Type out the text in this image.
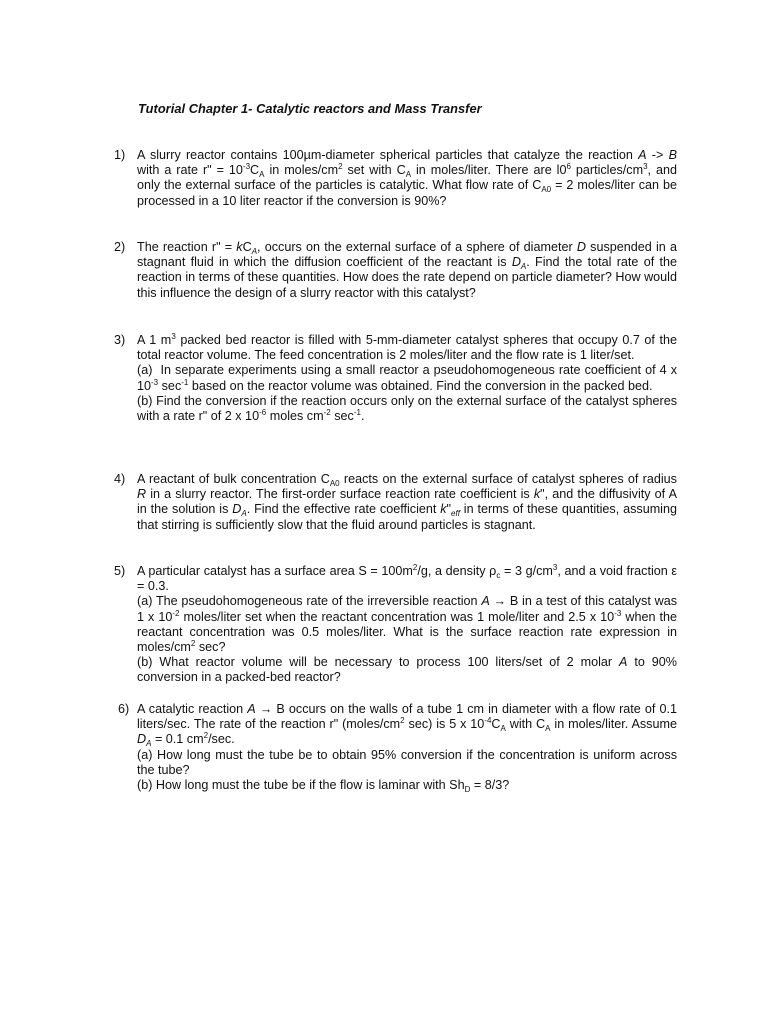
Tutorial Chapter 1- Catalytic reactors and Mass Transfer
1) A slurry reactor contains 100µm-diameter spherical particles that catalyze the reaction A -> B with a rate r" = $10^{-3}C_A$ in moles/$cm^2$ set with $C_A$ in moles/liter. There are $l0^6$ particles/$cm^3$, and only the external surface of the particles is catalytic. What flow rate of $C_{A0} = 2$ moles/liter can be processed in a 10 liter reactor if the conversion is 90%?

2) The reaction r" = $kC_A$, occurs on the external surface of a sphere of diameter D suspended in a stagnant fluid in which the diffusion coefficient of the reactant is $D_A$. Find the total rate of the reaction in terms of these quantities. How does the rate depend on particle diameter? How would this influence the design of a slurry reactor with this catalyst?

3) A 1 $m^3$ packed bed reactor is filled with 5-mm-diameter catalyst spheres that occupy 0.7 of the total reactor volume. The feed concentration is 2 moles/liter and the flow rate is 1 liter/set.

(a)  In separate experiments using a small reactor a pseudohomogeneous rate coefficient of 4 x $10^{-3}$ $\sec^{-1}$ based on the reactor volume was obtained. Find the conversion in the packed bed.

(b) Find the conversion if the reaction occurs only on the external surface of the catalyst spheres with a rate r" of 2 x $10^{-6}$ moles $cm^{-2}$ $\sec^{-1}$.

4) A reactant of bulk concentration $C_{A0}$ reacts on the external surface of catalyst spheres of radius R in a slurry reactor. The first-order surface reaction rate coefficient is k", and the diffusivity of A in the solution is $D_A$. Find the effective rate coefficient $k"_{eff}$ in terms of these quantities, assuming that stirring is sufficiently slow that the fluid around particles is stagnant.

5) A particular catalyst has a surface area $S = 100m^2/g$, a density $\rho_c = 3$ $g/cm^3$, and a void fraction ε = 0.3.

(a) The pseudohomogeneous rate of the irreversible reaction A → B in a test of this catalyst was 1 x $10^{-2}$ moles/liter set when the reactant concentration was 1 mole/liter and 2.5 x $10^{-3}$ when the reactant concentration was 0.5 moles/liter. What is the surface reaction rate expression in moles/$cm^2$ sec?

(b) What reactor volume will be necessary to process 100 liters/set of 2 molar A to 90% conversion in a packed-bed reactor?

6) A catalytic reaction A → B occurs on the walls of a tube 1 cm in diameter with a flow rate of 0.1 liters/sec. The rate of the reaction r" ($moles/cm^2$ sec) is 5 x $10^{-4}C_A$ with $C_A$ in moles/liter. Assume $D_A = 0.1$ $cm^2/\sec$.

(a) How long must the tube be to obtain 95% conversion if the concentration is uniform across the tube?

(b) How long must the tube be if the flow is laminar with $Sh_D = 8/3$?
